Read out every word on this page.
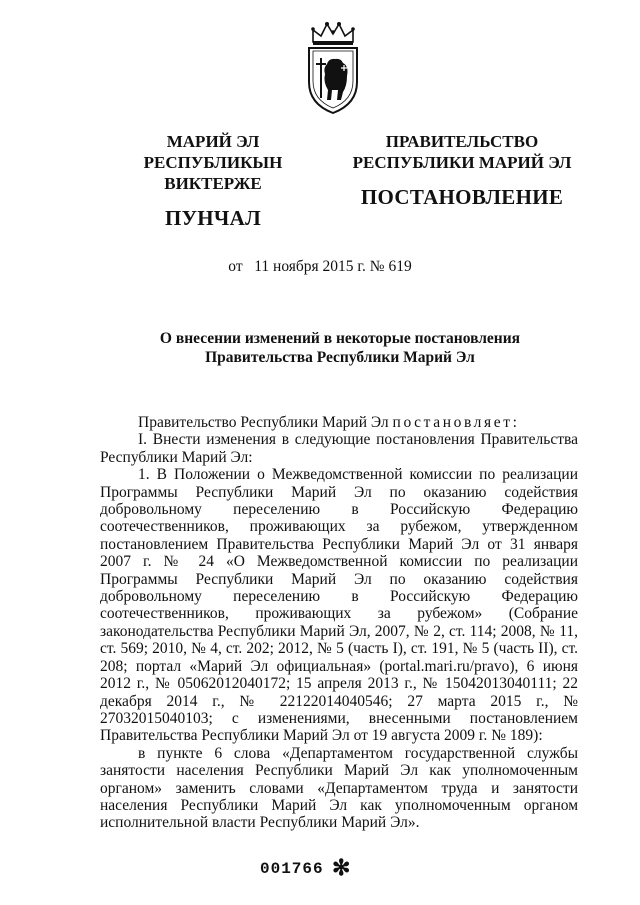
МАРИЙ ЭЛ РЕСПУБЛИКЫН
ВИКТЕРЖЕ
ПУНЧАЛ
ПРАВИТЕЛЬСТВО
РЕСПУБЛИКИ МАРИЙ ЭЛ
ПОСТАНОВЛЕНИЕ
от 11 ноября 2015 г. № 619
О внесении изменений в некоторые постановления
Правительства Республики Марий Эл

Правительство Республики Марий Эл постановляет:

I. Внести изменения в следующие постановления Правительства Республики Марий Эл:

1. В Положении о Межведомственной комиссии по реализации Программы Республики Марий Эл по оказанию содействия добровольному переселению в Российскую Федерацию соотечественников, проживающих за рубежом, утвержденном постановлением Правительства Республики Марий Эл от 31 января 2007 г. № 24 «О Межведомственной комиссии по реализации Программы Республики Марий Эл по оказанию содействия добровольному переселению в Российскую Федерацию соотечественников, проживающих за рубежом» (Собрание законодательства Республики Марий Эл, 2007, № 2, ст. 114; 2008, № 11, ст. 569; 2010, № 4, ст. 202; 2012, № 5 (часть I), ст. 191, № 5 (часть II), ст. 208; портал «Марий Эл официальная» (portal.mari.ru/pravo), 6 июня 2012 г., № 05062012040172; 15 апреля 2013 г., № 15042013040111; 22 декабря 2014 г., № 22122014040546; 27 марта 2015 г., № 27032015040103; с изменениями, внесенными постановлением Правительства Республики Марий Эл от 19 августа 2009 г. № 189):

в пункте 6 слова «Департаментом государственной службы занятости населения Республики Марий Эл как уполномоченным органом» заменить словами «Департаментом труда и занятости населения Республики Марий Эл как уполномоченным органом исполнительной власти Республики Марий Эл».

001766 ✻
